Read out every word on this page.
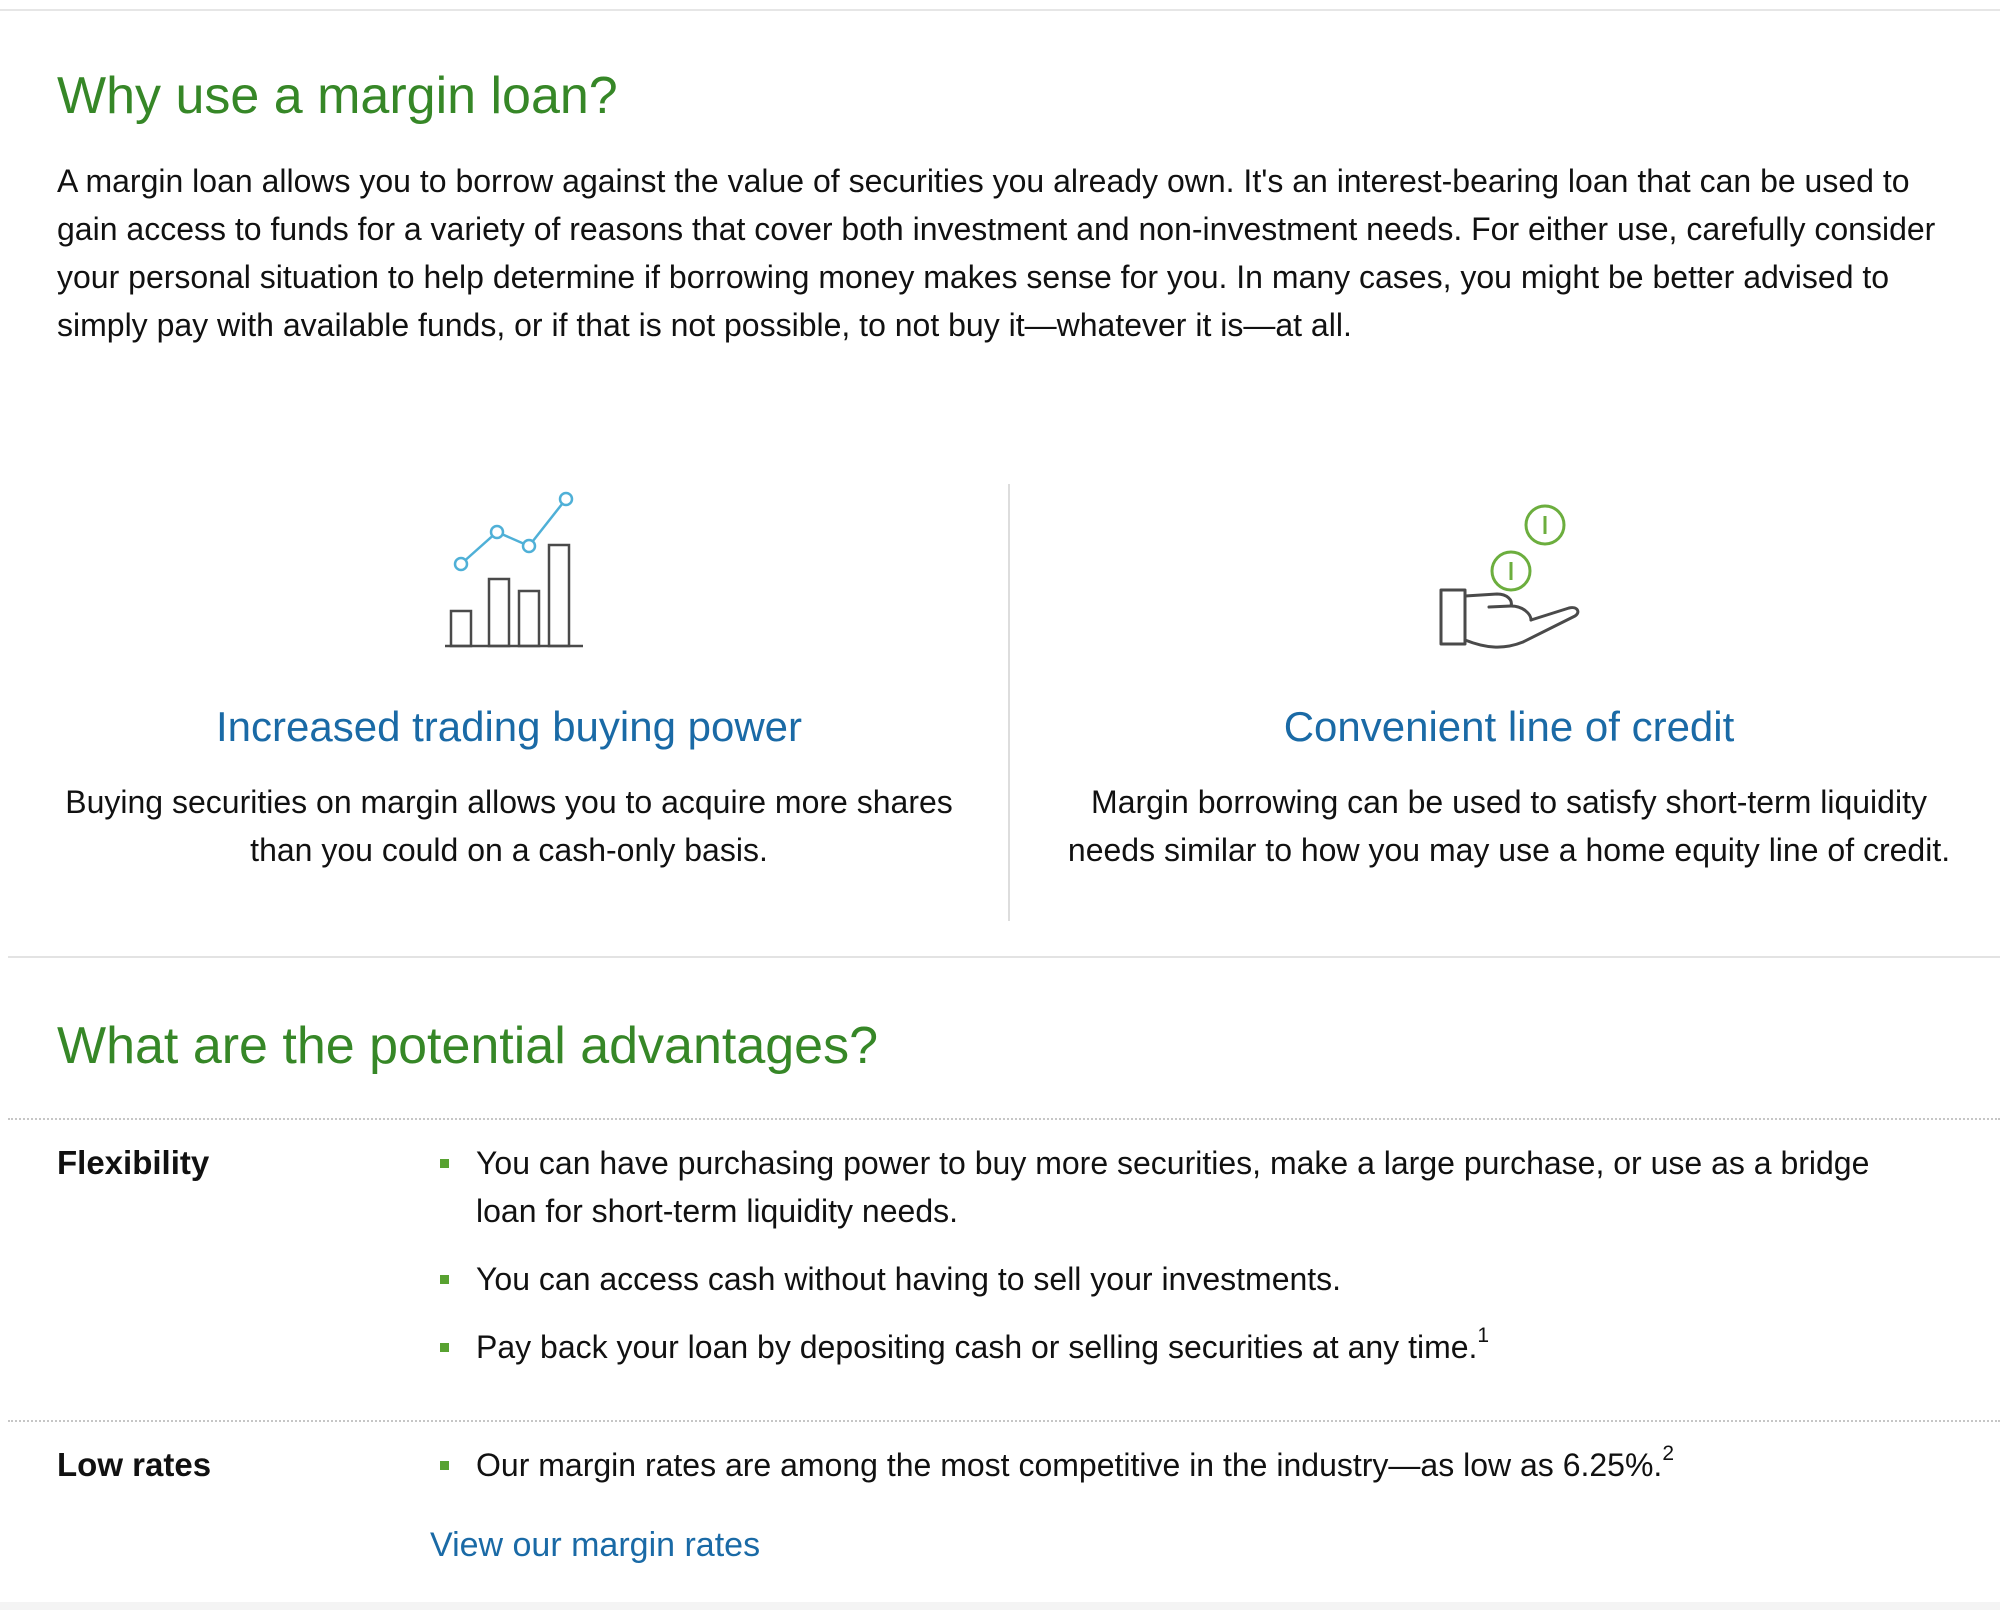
Why use a margin loan?

A margin loan allows you to borrow against the value of securities you already own. It's an interest-bearing loan that can be used to gain access to funds for a variety of reasons that cover both investment and non-investment needs. For either use, carefully consider your personal situation to help determine if borrowing money makes sense for you. In many cases, you might be better advised to simply pay with available funds, or if that is not possible, to not buy it—whatever it is—at all.

Increased trading buying power

Buying securities on margin allows you to acquire more shares than you could on a cash-only basis.

Convenient line of credit

Margin borrowing can be used to satisfy short-term liquidity needs similar to how you may use a home equity line of credit.

What are the potential advantages?

Flexibility	You can have purchasing power to buy more securities, make a large purchase, or use as a bridge loan for short-term liquidity needs.
You can access cash without having to sell your investments.
Pay back your loan by depositing cash or selling securities at any time.$^1$

Low rates	Our margin rates are among the most competitive in the industry—as low as 6.25%.$^2$
View our margin rates
